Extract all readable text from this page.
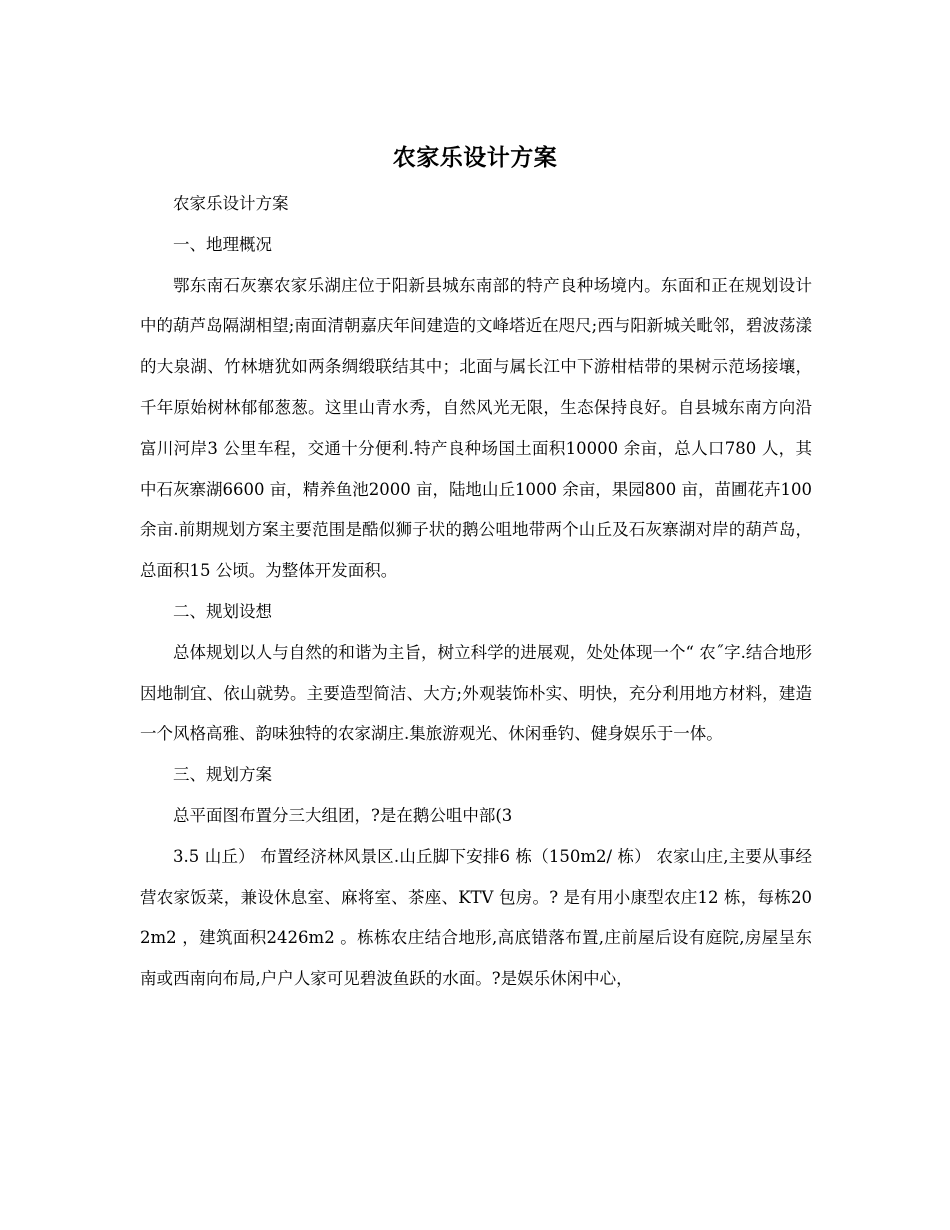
农家乐设计方案

农家乐设计方案

一、地理概况

鄂东南石灰寨农家乐湖庄位于阳新县城东南部的特产良种场境内。东面和正在规划设计中的葫芦岛隔湖相望;南面清朝嘉庆年间建造的文峰塔近在咫尺;西与阳新城关毗邻，碧波荡漾的大泉湖、竹林塘犹如两条绸缎联结其中；北面与属长江中下游柑桔带的果树示范场接壤，千年原始树林郁郁葱葱。这里山青水秀，自然风光无限，生态保持良好。自县城东南方向沿富川河岸3 公里车程，交通十分便利.特产良种场国土面积10000 余亩，总人口780 人，其中石灰寨湖6600 亩，精养鱼池2000 亩，陆地山丘1000 余亩，果园800 亩，苗圃花卉100 余亩.前期规划方案主要范围是酷似狮子状的鹅公咀地带两个山丘及石灰寨湖对岸的葫芦岛，总面积15 公顷。为整体开发面积。

二、规划设想

总体规划以人与自然的和谐为主旨，树立科学的进展观，处处体现一个“ 农˝字.结合地形因地制宜、依山就势。主要造型简洁、大方;外观装饰朴实、明快，充分利用地方材料，建造一个风格高雅、韵味独特的农家湖庄.集旅游观光、休闲垂钓、健身娱乐于一体。

三、规划方案

总平面图布置分三大组团，?是在鹅公咀中部(3

3.5 山丘） 布置经济林风景区.山丘脚下安排6 栋（150m2/ 栋） 农家山庄,主要从事经营农家饭菜，兼设休息室、麻将室、茶座、KTV 包房。? 是有用小康型农庄12 栋，每栋202m2 ，建筑面积2426m2 。栋栋农庄结合地形,高底错落布置,庄前屋后设有庭院,房屋呈东南或西南向布局,户户人家可见碧波鱼跃的水面。?是娱乐休闲中心，
